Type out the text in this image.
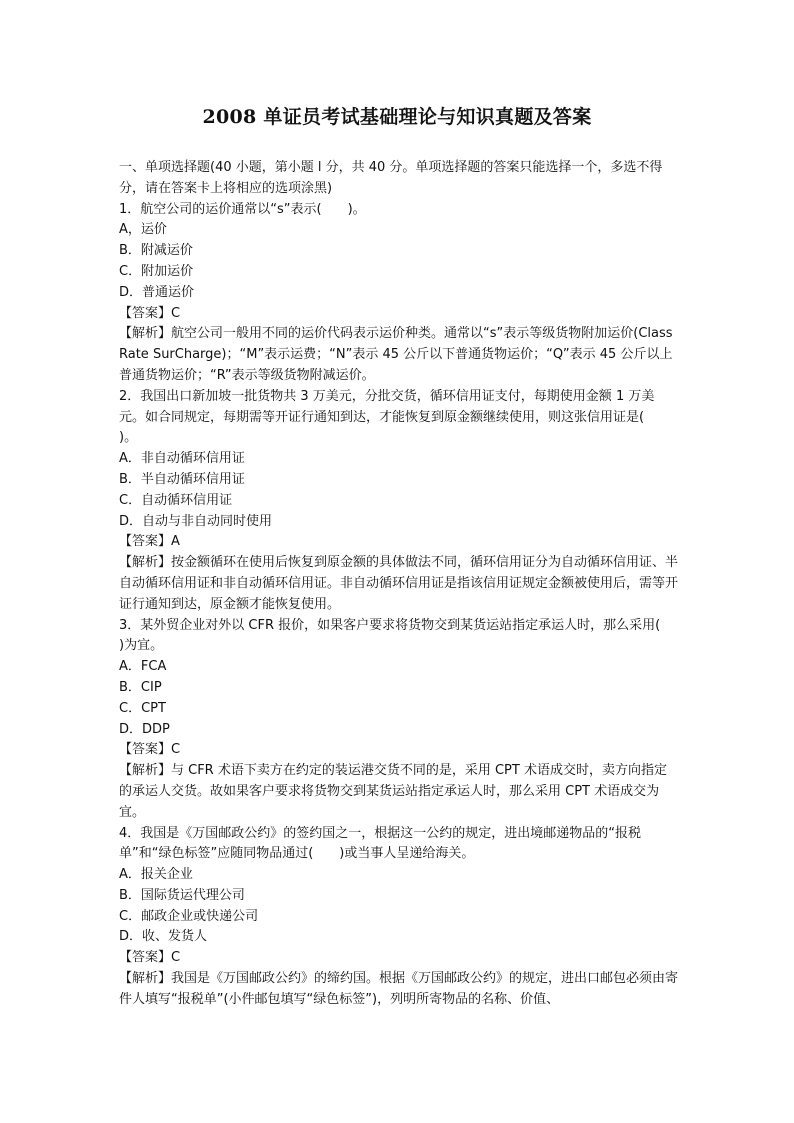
2008 单证员考试基础理论与知识真题及答案
一、单项选择题(40 小题，第小题 l 分，共 40 分。单项选择题的答案只能选择一个，多选不得分，请在答案卡上将相应的选项涂黑)
1．航空公司的运价通常以“s”表示(　　)。
A，运价
B．附减运价
C．附加运价
D．普通运价
【答案】C
【解析】航空公司一般用不同的运价代码表示运价种类。通常以“s”表示等级货物附加运价(Class Rate SurCharge)；“M”表示运费；“N”表示 45 公斤以下普通货物运价；“Q”表示 45 公斤以上普通货物运价；“R”表示等级货物附减运价。
2．我国出口新加坡一批货物共 3 万美元，分批交货，循环信用证支付，每期使用金额 1 万美元。如合同规定，每期需等开证行通知到达，才能恢复到原金额继续使用，则这张信用证是(　　)。
A．非自动循环信用证
B．半自动循环信用证
C．自动循环信用证
D．自动与非自动同时使用
【答案】A
【解析】按金额循环在使用后恢复到原金额的具体做法不同，循环信用证分为自动循环信用证、半自动循环信用证和非自动循环信用证。非自动循环信用证是指该信用证规定金额被使用后，需等开证行通知到达，原金额才能恢复使用。
3．某外贸企业对外以 CFR 报价，如果客户要求将货物交到某货运站指定承运人时，那么采用(　　)为宜。
A．FCA
B．CIP
C．CPT
D．DDP
【答案】C
【解析】与 CFR 术语下卖方在约定的装运港交货不同的是，采用 CPT 术语成交时，卖方向指定的承运人交货。故如果客户要求将货物交到某货运站指定承运人时，那么采用 CPT 术语成交为宜。
4．我国是《万国邮政公约》的签约国之一，根据这一公约的规定，进出境邮递物品的“报税单”和“绿色标签”应随同物品通过(　　)或当事人呈递给海关。
A．报关企业
B．国际货运代理公司
C．邮政企业或快递公司
D．收、发货人
【答案】C
【解析】我国是《万国邮政公约》的缔约国。根据《万国邮政公约》的规定，进出口邮包必须由寄件人填写“报税单”(小件邮包填写“绿色标签”)，列明所寄物品的名称、价值、
